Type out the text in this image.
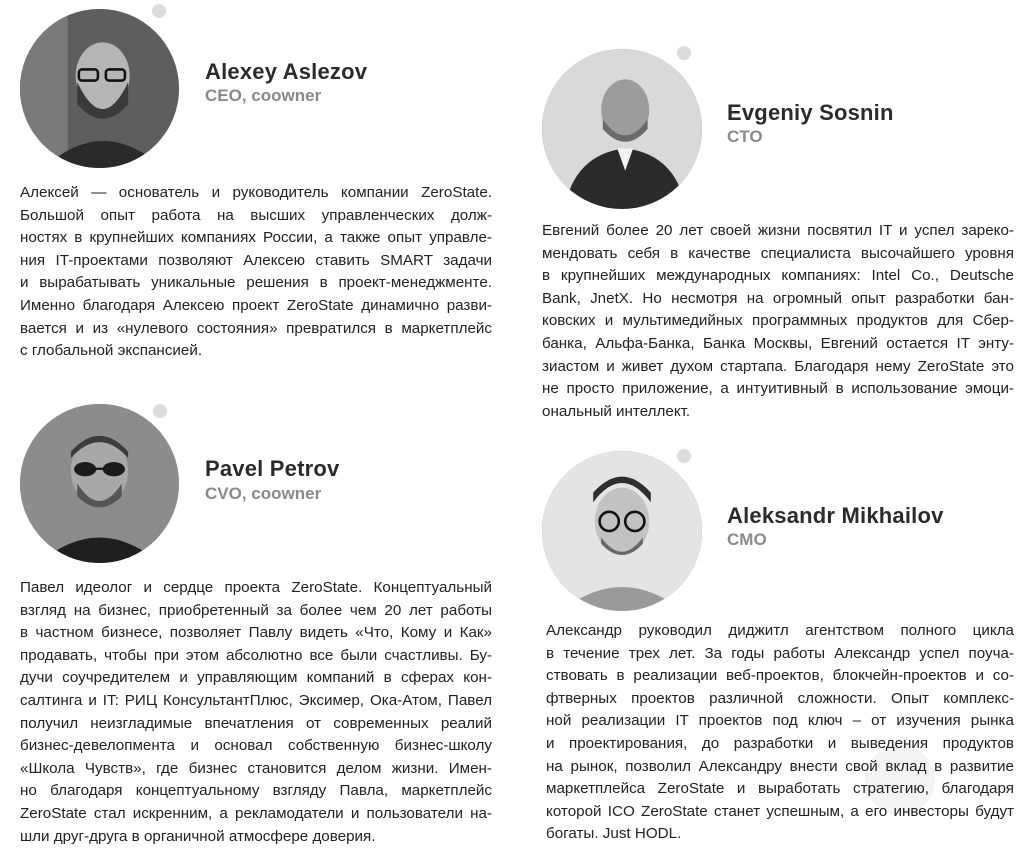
Alexey Aslezov
CEO, coowner
Алексей — основатель и руководитель компании ZeroState.
Большой опыт работа на высших управленческих долж-
ностях в крупнейших компаниях России, а также опыт управле-
ния IT-проектами позволяют Алексею ставить SMART задачи
и вырабатывать уникальные решения в проект-менеджменте.
Именно благодаря Алексею проект ZeroState динамично разви-
вается и из «нулевого состояния» превратился в маркетплейс
с глобальной экспансией.
Evgeniy Sosnin
CTO
Евгений более 20 лет своей жизни посвятил IT и успел зареко-
мендовать себя в качестве специалиста высочайшего уровня
в крупнейших международных компаниях: Intel Co., Deutsche
Bank, JnetX. Но несмотря на огромный опыт разработки бан-
ковских и мультимедийных программных продуктов для Сбер-
банка, Альфа-Банка, Банка Москвы, Евгений остается IT энту-
зиастом и живет духом стартапа. Благодаря нему ZeroState это
не просто приложение, а интуитивный в использование эмоци-
ональный интеллект.
Pavel Petrov
CVO, coowner
Павел идеолог и сердце проекта ZeroState. Концептуальный
взгляд на бизнес, приобретенный за более чем 20 лет работы
в частном бизнесе, позволяет Павлу видеть «Что, Кому и Как»
продавать, чтобы при этом абсолютно все были счастливы. Бу-
дучи соучредителем и управляющим компаний в сферах кон-
салтинга и IT: РИЦ КонсультантПлюс, Эксимер, Ока-Атом, Павел
получил неизгладимые впечатления от современных реалий
бизнес-девелопмента и основал собственную бизнес-школу
«Школа Чувств», где бизнес становится делом жизни. Имен-
но благодаря концептуальному взгляду Павла, маркетплейс
ZeroState стал искренним, а рекламодатели и пользователи на-
шли друг-друга в органичной атмосфере доверия.
Aleksandr Mikhailov
CMO
Александр руководил диджитл агентством полного цикла
в течение трех лет. За годы работы Александр успел поуча-
ствовать в реализации веб-проектов, блокчейн-проектов и со-
фтверных проектов различной сложности. Опыт комплекс-
ной реализации IT проектов под ключ – от изучения рынка
и проектирования, до разработки и выведения продуктов
на рынок, позволил Александру внести свой вклад в развитие
маркетплейса ZeroState и выработать стратегию, благодаря
которой ICO ZeroState станет успешным, а его инвесторы будут
богаты. Just HODL.
